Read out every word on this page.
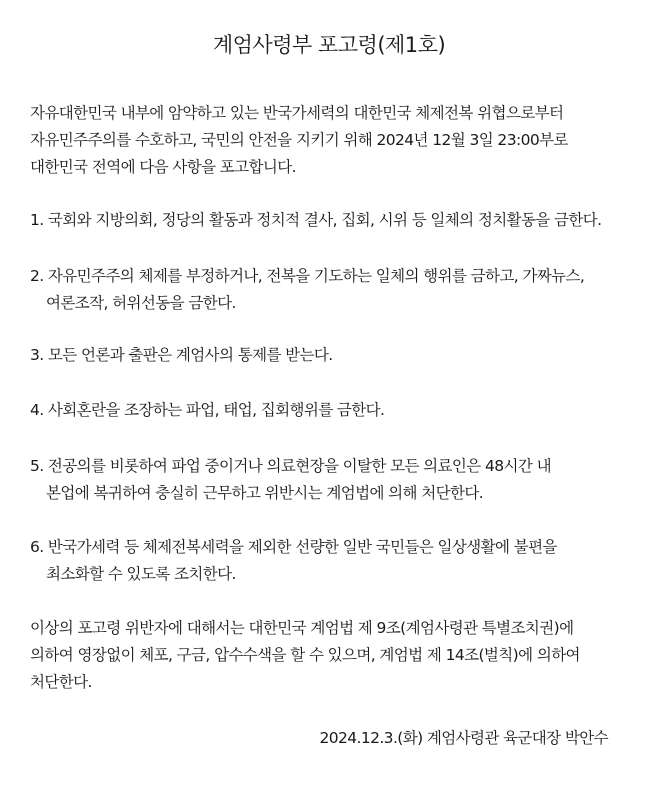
계엄사령부 포고령(제1호)

자유대한민국 내부에 암약하고 있는 반국가세력의 대한민국 체제전복 위협으로부터
자유민주주의를 수호하고, 국민의 안전을 지키기 위해 2024년 12월 3일 23:00부로
대한민국 전역에 다음 사항을 포고합니다.

1. 국회와 지방의회, 정당의 활동과 정치적 결사, 집회, 시위 등 일체의 정치활동을 금한다.

2. 자유민주주의 체제를 부정하거나, 전복을 기도하는 일체의 행위를 금하고, 가짜뉴스,
여론조작, 허위선동을 금한다.

3. 모든 언론과 출판은 계엄사의 통제를 받는다.

4. 사회혼란을 조장하는 파업, 태업, 집회행위를 금한다.

5. 전공의를 비롯하여 파업 중이거나 의료현장을 이탈한 모든 의료인은 48시간 내
본업에 복귀하여 충실히 근무하고 위반시는 계엄법에 의해 처단한다.

6. 반국가세력 등 체제전복세력을 제외한 선량한 일반 국민들은 일상생활에 불편을
최소화할 수 있도록 조치한다.

이상의 포고령 위반자에 대해서는 대한민국 계엄법 제 9조(계엄사령관 특별조치권)에
의하여 영장없이 체포, 구금, 압수수색을 할 수 있으며, 계엄법 제 14조(벌칙)에 의하여
처단한다.

2024.12.3.(화) 계엄사령관 육군대장 박안수
